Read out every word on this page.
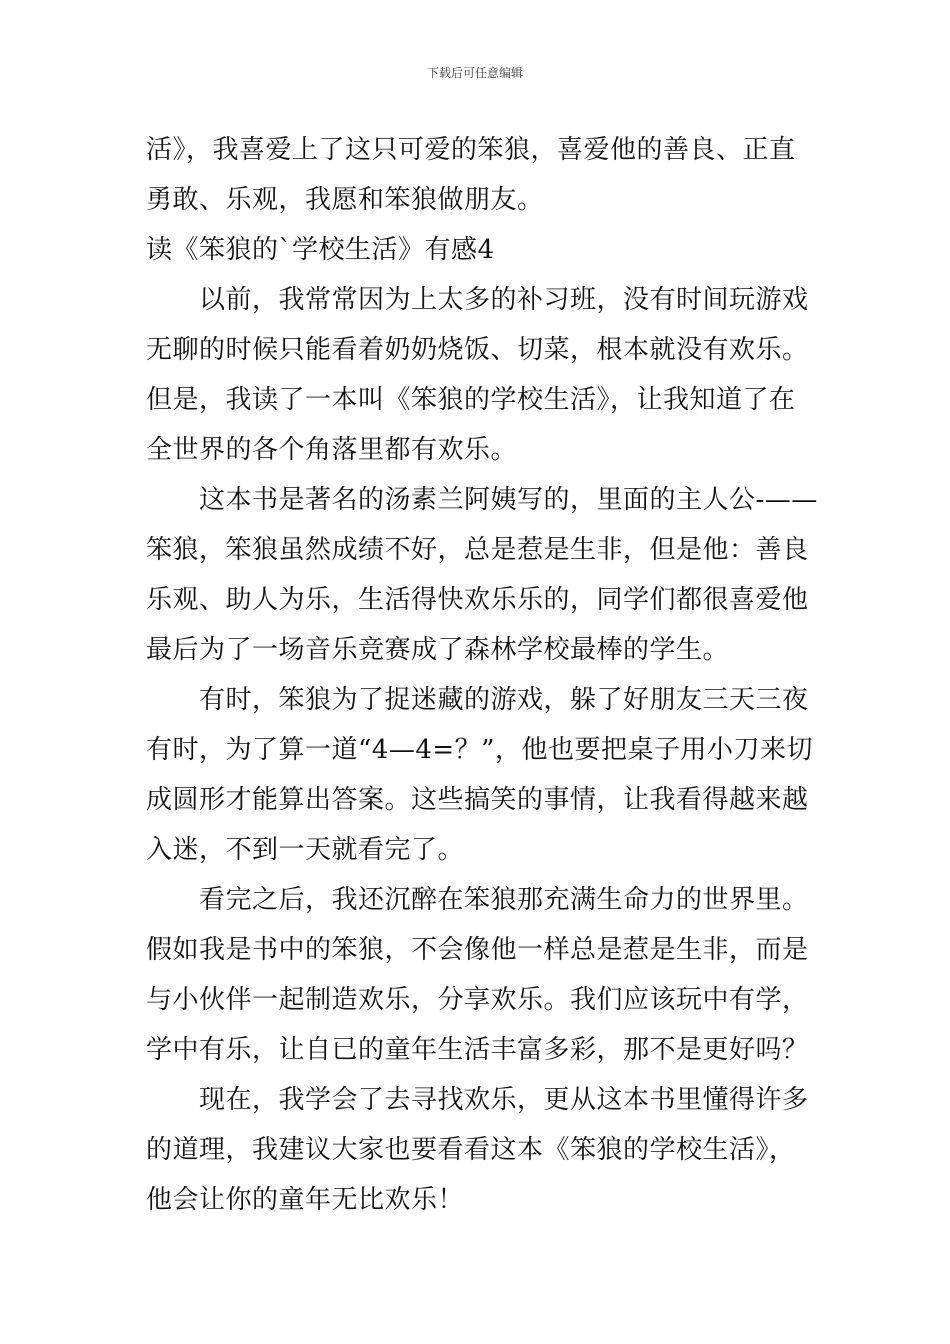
下载后可任意编辑
活》，我喜爱上了这只可爱的笨狼，喜爱他的善良、正直
勇敢、乐观，我愿和笨狼做朋友。
读《笨狼的`学校生活》有感4
　　以前，我常常因为上太多的补习班，没有时间玩游戏
无聊的时候只能看着奶奶烧饭、切菜，根本就没有欢乐。
但是，我读了一本叫《笨狼的学校生活》，让我知道了在
全世界的各个角落里都有欢乐。
　　这本书是著名的汤素兰阿姨写的，里面的主人公-——
笨狼，笨狼虽然成绩不好，总是惹是生非，但是他：善良
乐观、助人为乐，生活得快欢乐乐的，同学们都很喜爱他
最后为了一场音乐竞赛成了森林学校最棒的学生。
　　有时，笨狼为了捉迷藏的游戏，躲了好朋友三天三夜
有时，为了算一道“4—4=？”，他也要把桌子用小刀来切
成圆形才能算出答案。这些搞笑的事情，让我看得越来越
入迷，不到一天就看完了。
　　看完之后，我还沉醉在笨狼那充满生命力的世界里。
假如我是书中的笨狼，不会像他一样总是惹是生非，而是
与小伙伴一起制造欢乐，分享欢乐。我们应该玩中有学，
学中有乐，让自已的童年生活丰富多彩，那不是更好吗？
　　现在，我学会了去寻找欢乐，更从这本书里懂得许多
的道理，我建议大家也要看看这本《笨狼的学校生活》，
他会让你的童年无比欢乐！
